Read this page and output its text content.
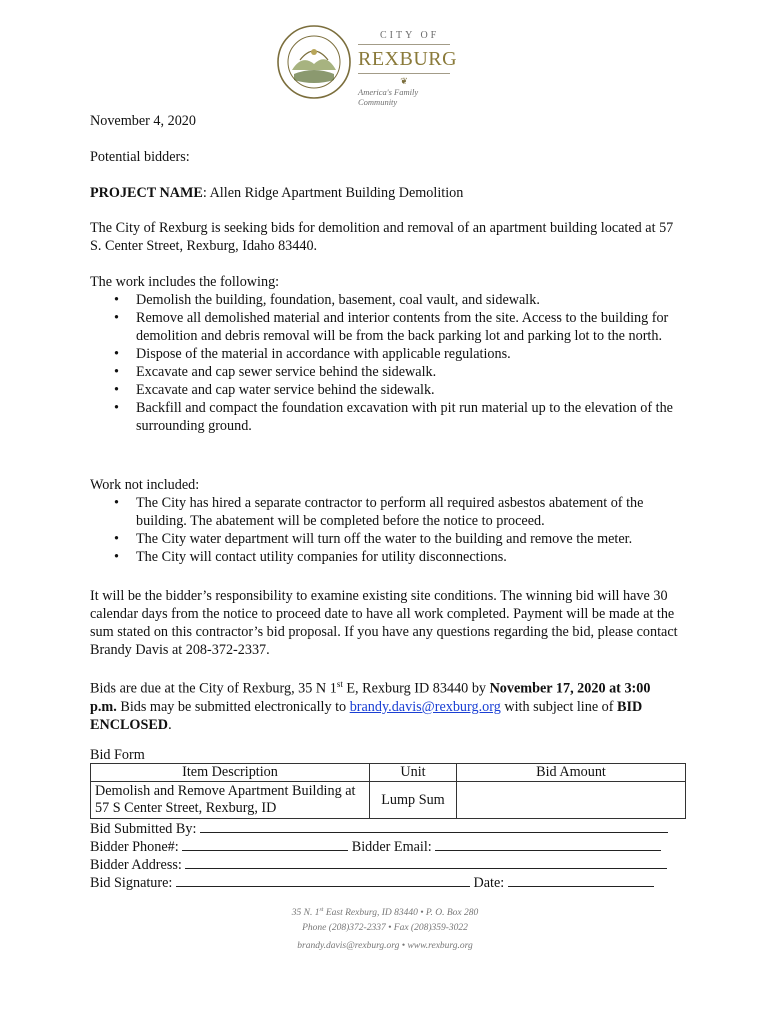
CITY OF
REXBURG
❦
America's Family Community

November 4, 2020

Potential bidders:

PROJECT NAME: Allen Ridge Apartment Building Demolition

The City of Rexburg is seeking bids for demolition and removal of an apartment building located at 57 S. Center Street, Rexburg, Idaho 83440.

The work includes the following:

• Demolish the building, foundation, basement, coal vault, and sidewalk.
• Remove all demolished material and interior contents from the site. Access to the building for demolition and debris removal will be from the back parking lot and parking lot to the north.
• Dispose of the material in accordance with applicable regulations.
• Excavate and cap sewer service behind the sidewalk.
• Excavate and cap water service behind the sidewalk.
• Backfill and compact the foundation excavation with pit run material up to the elevation of the surrounding ground.

Work not included:

• The City has hired a separate contractor to perform all required asbestos abatement of the building. The abatement will be completed before the notice to proceed.
• The City water department will turn off the water to the building and remove the meter.
• The City will contact utility companies for utility disconnections.

It will be the bidder’s responsibility to examine existing site conditions. The winning bid will have 30 calendar days from the notice to proceed date to have all work completed. Payment will be made at the sum stated on this contractor’s bid proposal. If you have any questions regarding the bid, please contact Brandy Davis at 208-372-2337.

Bids are due at the City of Rexburg, 35 N 1st E, Rexburg ID 83440 by November 17, 2020 at 3:00 p.m. Bids may be submitted electronically to brandy.davis@rexburg.org with subject line of BID ENCLOSED.

Bid Form

Item Description	Unit	Bid Amount
Demolish and Remove Apartment Building at 57 S Center Street, Rexburg, ID	Lump Sum	
Bid Submitted By:
Bidder Phone#:	Bidder Email:
Bidder Address:
Bid Signature:	Date:
35 N. 1st East Rexburg, ID 83440 • P. O. Box 280
Phone (208)372-2337 • Fax (208)359-3022
brandy.davis@rexburg.org • www.rexburg.org
